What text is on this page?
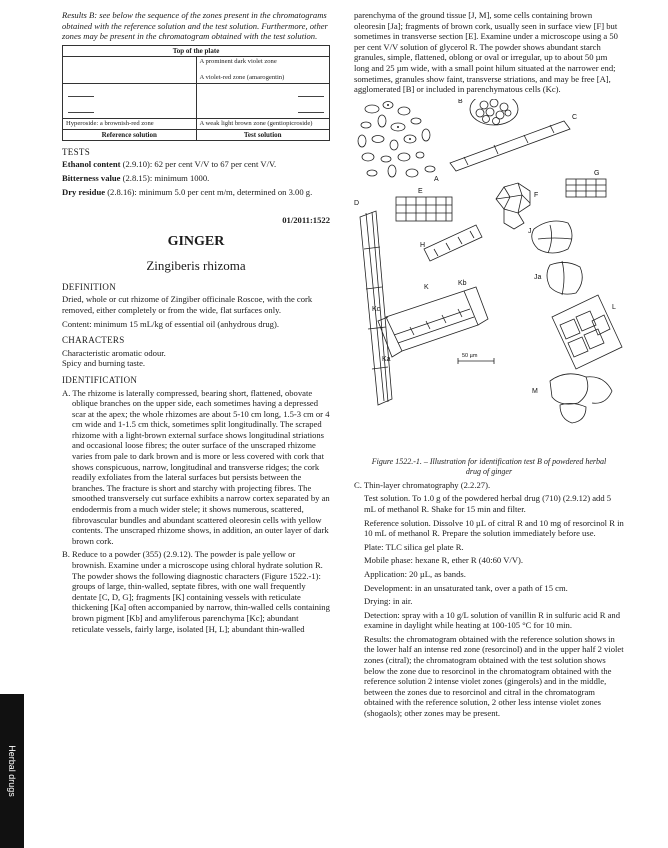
Results B: see below the sequence of the zones present in the chromatograms obtained with the reference solution and the test solution. Furthermore, other zones may be present in the chromatogram obtained with the test solution.

Top of the plate	
	A prominent dark violet zone

A violet-red zone (amarogentin)

Hyperoside: a brownish-red zone	A weak light brown zone (gentiopicroside)
Reference solution	Test solution
TESTS

Ethanol content (2.9.10): 62 per cent V/V to 67 per cent V/V.

Bitterness value (2.8.15): minimum 1000.

Dry residue (2.8.16): minimum 5.0 per cent m/m, determined on 3.00 g.

01/2011:1522
GINGER
Zingiberis rhizoma
DEFINITION

Dried, whole or cut rhizome of Zingiber officinale Roscoe, with the cork removed, either completely or from the wide, flat surfaces only.

Content: minimum 15 mL/kg of essential oil (anhydrous drug).

CHARACTERS

Characteristic aromatic odour.

Spicy and burning taste.

IDENTIFICATION

A. The rhizome is laterally compressed, bearing short, flattened, obovate oblique branches on the upper side, each sometimes having a depressed scar at the apex; the whole rhizomes are about 5-10 cm long, 1.5-3 cm or 4 cm wide and 1-1.5 cm thick, sometimes split longitudinally. The scraped rhizome with a light-brown external surface shows longitudinal striations and occasional loose fibres; the outer surface of the unscraped rhizome varies from pale to dark brown and is more or less covered with cork that shows conspicuous, narrow, longitudinal and transverse ridges; the cork readily exfoliates from the lateral surfaces but persists between the branches. The fracture is short and starchy with projecting fibres. The smoothed transversely cut surface exhibits a narrow cortex separated by an endodermis from a much wider stele; it shows numerous, scattered, fibrovascular bundles and abundant scattered oleoresin cells with yellow contents. The unscraped rhizome shows, in addition, an outer layer of dark brown cork.

B. Reduce to a powder (355) (2.9.12). The powder is pale yellow or brownish. Examine under a microscope using chloral hydrate solution R. The powder shows the following diagnostic characters (Figure 1522.-1): groups of large, thin-walled, septate fibres, with one wall frequently dentate [C, D, G]; fragments [K] containing vessels with reticulate thickening [Ka] often accompanied by narrow, thin-walled cells containing brown pigment [Kb] and amyliferous parenchyma [Kc]; abundant reticulate vessels, fairly large, isolated [H, L]; abundant thin-walled

parenchyma of the ground tissue [J, M], some cells containing brown oleoresin [Ja]; fragments of brown cork, usually seen in surface view [F] but sometimes in transverse section [E]. Examine under a microscope using a 50 per cent V/V solution of glycerol R. The powder shows abundant starch granules, simple, flattened, oblong or oval or irregular, up to about 50 µm long and 25 µm wide, with a small point hilum situated at the narrower end; sometimes, granules show faint, transverse striations, and may be free [A], agglomerated [B] or included in parenchymatous cells (Kc).

A
B
C
D
E
F
G
H
J
Ja
K
Kb
Kc
Ka
L
M
50 µm
Figure 1522.-1. – Illustration for identification test B of powdered herbal drug of ginger

C. Thin-layer chromatography (2.2.27).

Test solution. To 1.0 g of the powdered herbal drug (710) (2.9.12) add 5 mL of methanol R. Shake for 15 min and filter.

Reference solution. Dissolve 10 µL of citral R and 10 mg of resorcinol R in 10 mL of methanol R. Prepare the solution immediately before use.

Plate: TLC silica gel plate R.

Mobile phase: hexane R, ether R (40:60 V/V).

Application: 20 µL, as bands.

Development: in an unsaturated tank, over a path of 15 cm.

Drying: in air.

Detection: spray with a 10 g/L solution of vanillin R in sulfuric acid R and examine in daylight while heating at 100-105 °C for 10 min.

Results: the chromatogram obtained with the reference solution shows in the lower half an intense red zone (resorcinol) and in the upper half 2 violet zones (citral); the chromatogram obtained with the test solution shows below the zone due to resorcinol in the chromatogram obtained with the reference solution 2 intense violet zones (gingerols) and in the middle, between the zones due to resorcinol and citral in the chromatogram obtained with the reference solution, 2 other less intense violet zones (shogaols); other zones may be present.

Herbal drugs
